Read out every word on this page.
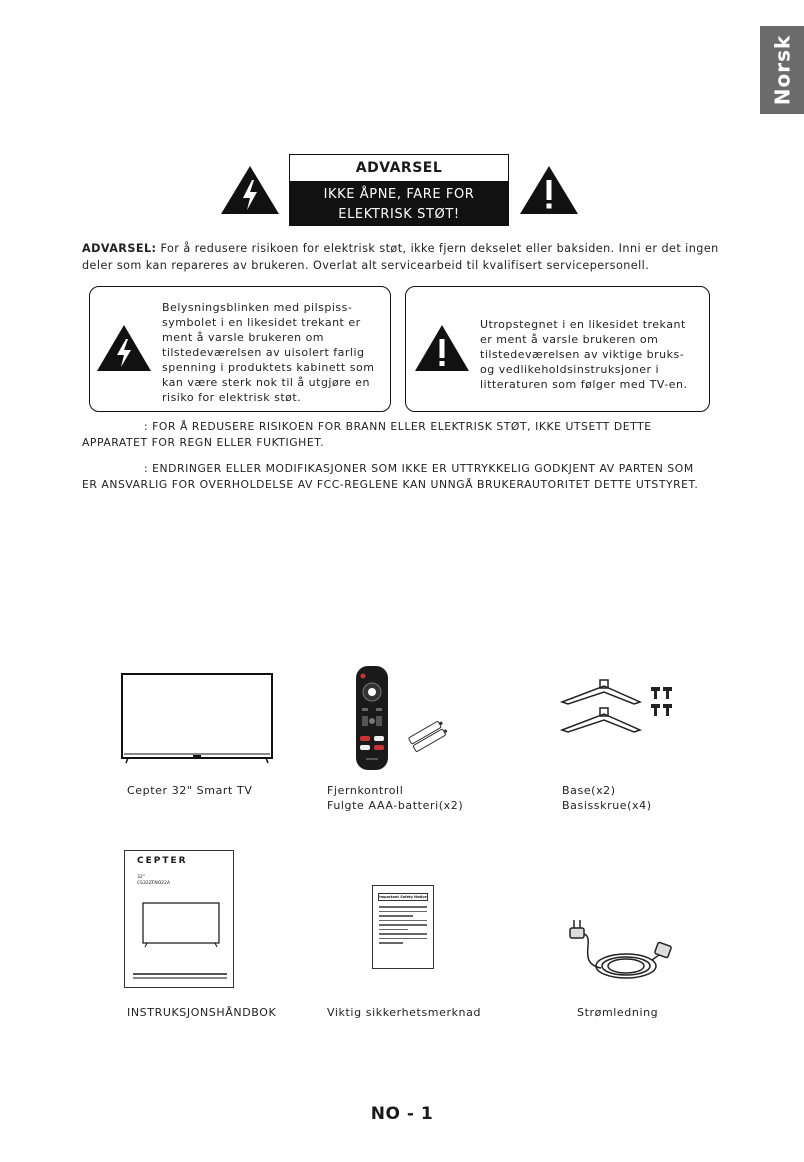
Norsk
ADVARSEL
IKKE ÅPNE, FARE FOR
ELEKTRISK STØT!
ADVARSEL: For å redusere risikoen for elektrisk støt, ikke fjern dekselet eller baksiden. Inni er det ingen
deler som kan repareres av brukeren. Overlat alt servicearbeid til kvalifisert servicepersonell.
Belysningsblinken med pilspiss-
symbolet i en likesidet trekant er
ment å varsle brukeren om
tilstedeværelsen av uisolert farlig
spenning i produktets kabinett som
kan være sterk nok til å utgjøre en
risiko for elektrisk støt.
Utropstegnet i en likesidet trekant
er ment å varsle brukeren om
tilstedeværelsen av viktige bruks-
og vedlikeholdsinstruksjoner i
litteraturen som følger med TV-en.
: FOR Å REDUSERE RISIKOEN FOR BRANN ELLER ELEKTRISK STØT, IKKE UTSETT DETTE
APPARATET FOR REGN ELLER FUKTIGHET.
: ENDRINGER ELLER MODIFIKASJONER SOM IKKE ER UTTRYKKELIG GODKJENT AV PARTEN SOM
ER ANSVARLIG FOR OVERHOLDELSE AV FCC-REGLENE KAN UNNGÅ BRUKERAUTORITET DETTE UTSTYRET.
Cepter 32" Smart TV	Fjernkontroll
Fulgte AAA-batteri(x2)
Base(x2)
Basisskrue(x4)
CEPTER
32"
CS32ZFNO22A
INSTRUKSJONSHÅNDBOK
Important Safety Notice
Viktig sikkerhetsmerknad	Strømledning
NO - 1
